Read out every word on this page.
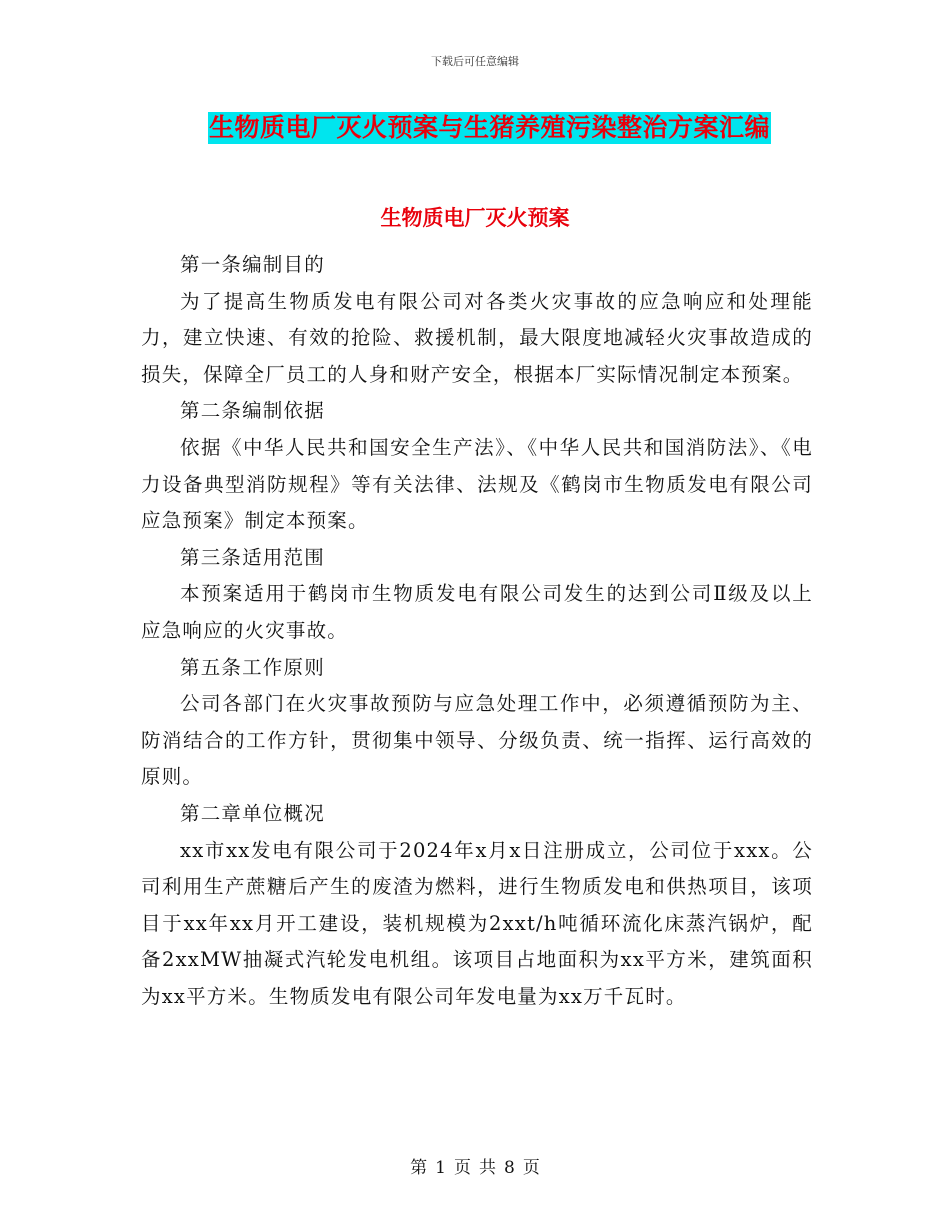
下载后可任意编辑
生物质电厂灭火预案与生猪养殖污染整治方案汇编
生物质电厂灭火预案

第一条编制目的

为了提高生物质发电有限公司对各类火灾事故的应急响应和处理能力，建立快速、有效的抢险、救援机制，最大限度地减轻火灾事故造成的损失，保障全厂员工的人身和财产安全，根据本厂实际情况制定本预案。

第二条编制依据

依据《中华人民共和国安全生产法》、《中华人民共和国消防法》、《电力设备典型消防规程》等有关法律、法规及《鹤岗市生物质发电有限公司应急预案》制定本预案。

第三条适用范围

本预案适用于鹤岗市生物质发电有限公司发生的达到公司Ⅱ级及以上应急响应的火灾事故。

第五条工作原则

公司各部门在火灾事故预防与应急处理工作中，必须遵循预防为主、防消结合的工作方针，贯彻集中领导、分级负责、统一指挥、运行高效的原则。

第二章单位概况

xx市xx发电有限公司于2024年x月x日注册成立，公司位于xxx。公司利用生产蔗糖后产生的废渣为燃料，进行生物质发电和供热项目，该项目于xx年xx月开工建设，装机规模为2xxt/h吨循环流化床蒸汽锅炉，配备2xxMW抽凝式汽轮发电机组。该项目占地面积为xx平方米，建筑面积为xx平方米。生物质发电有限公司年发电量为xx万千瓦时。

第 1 页 共 8 页
